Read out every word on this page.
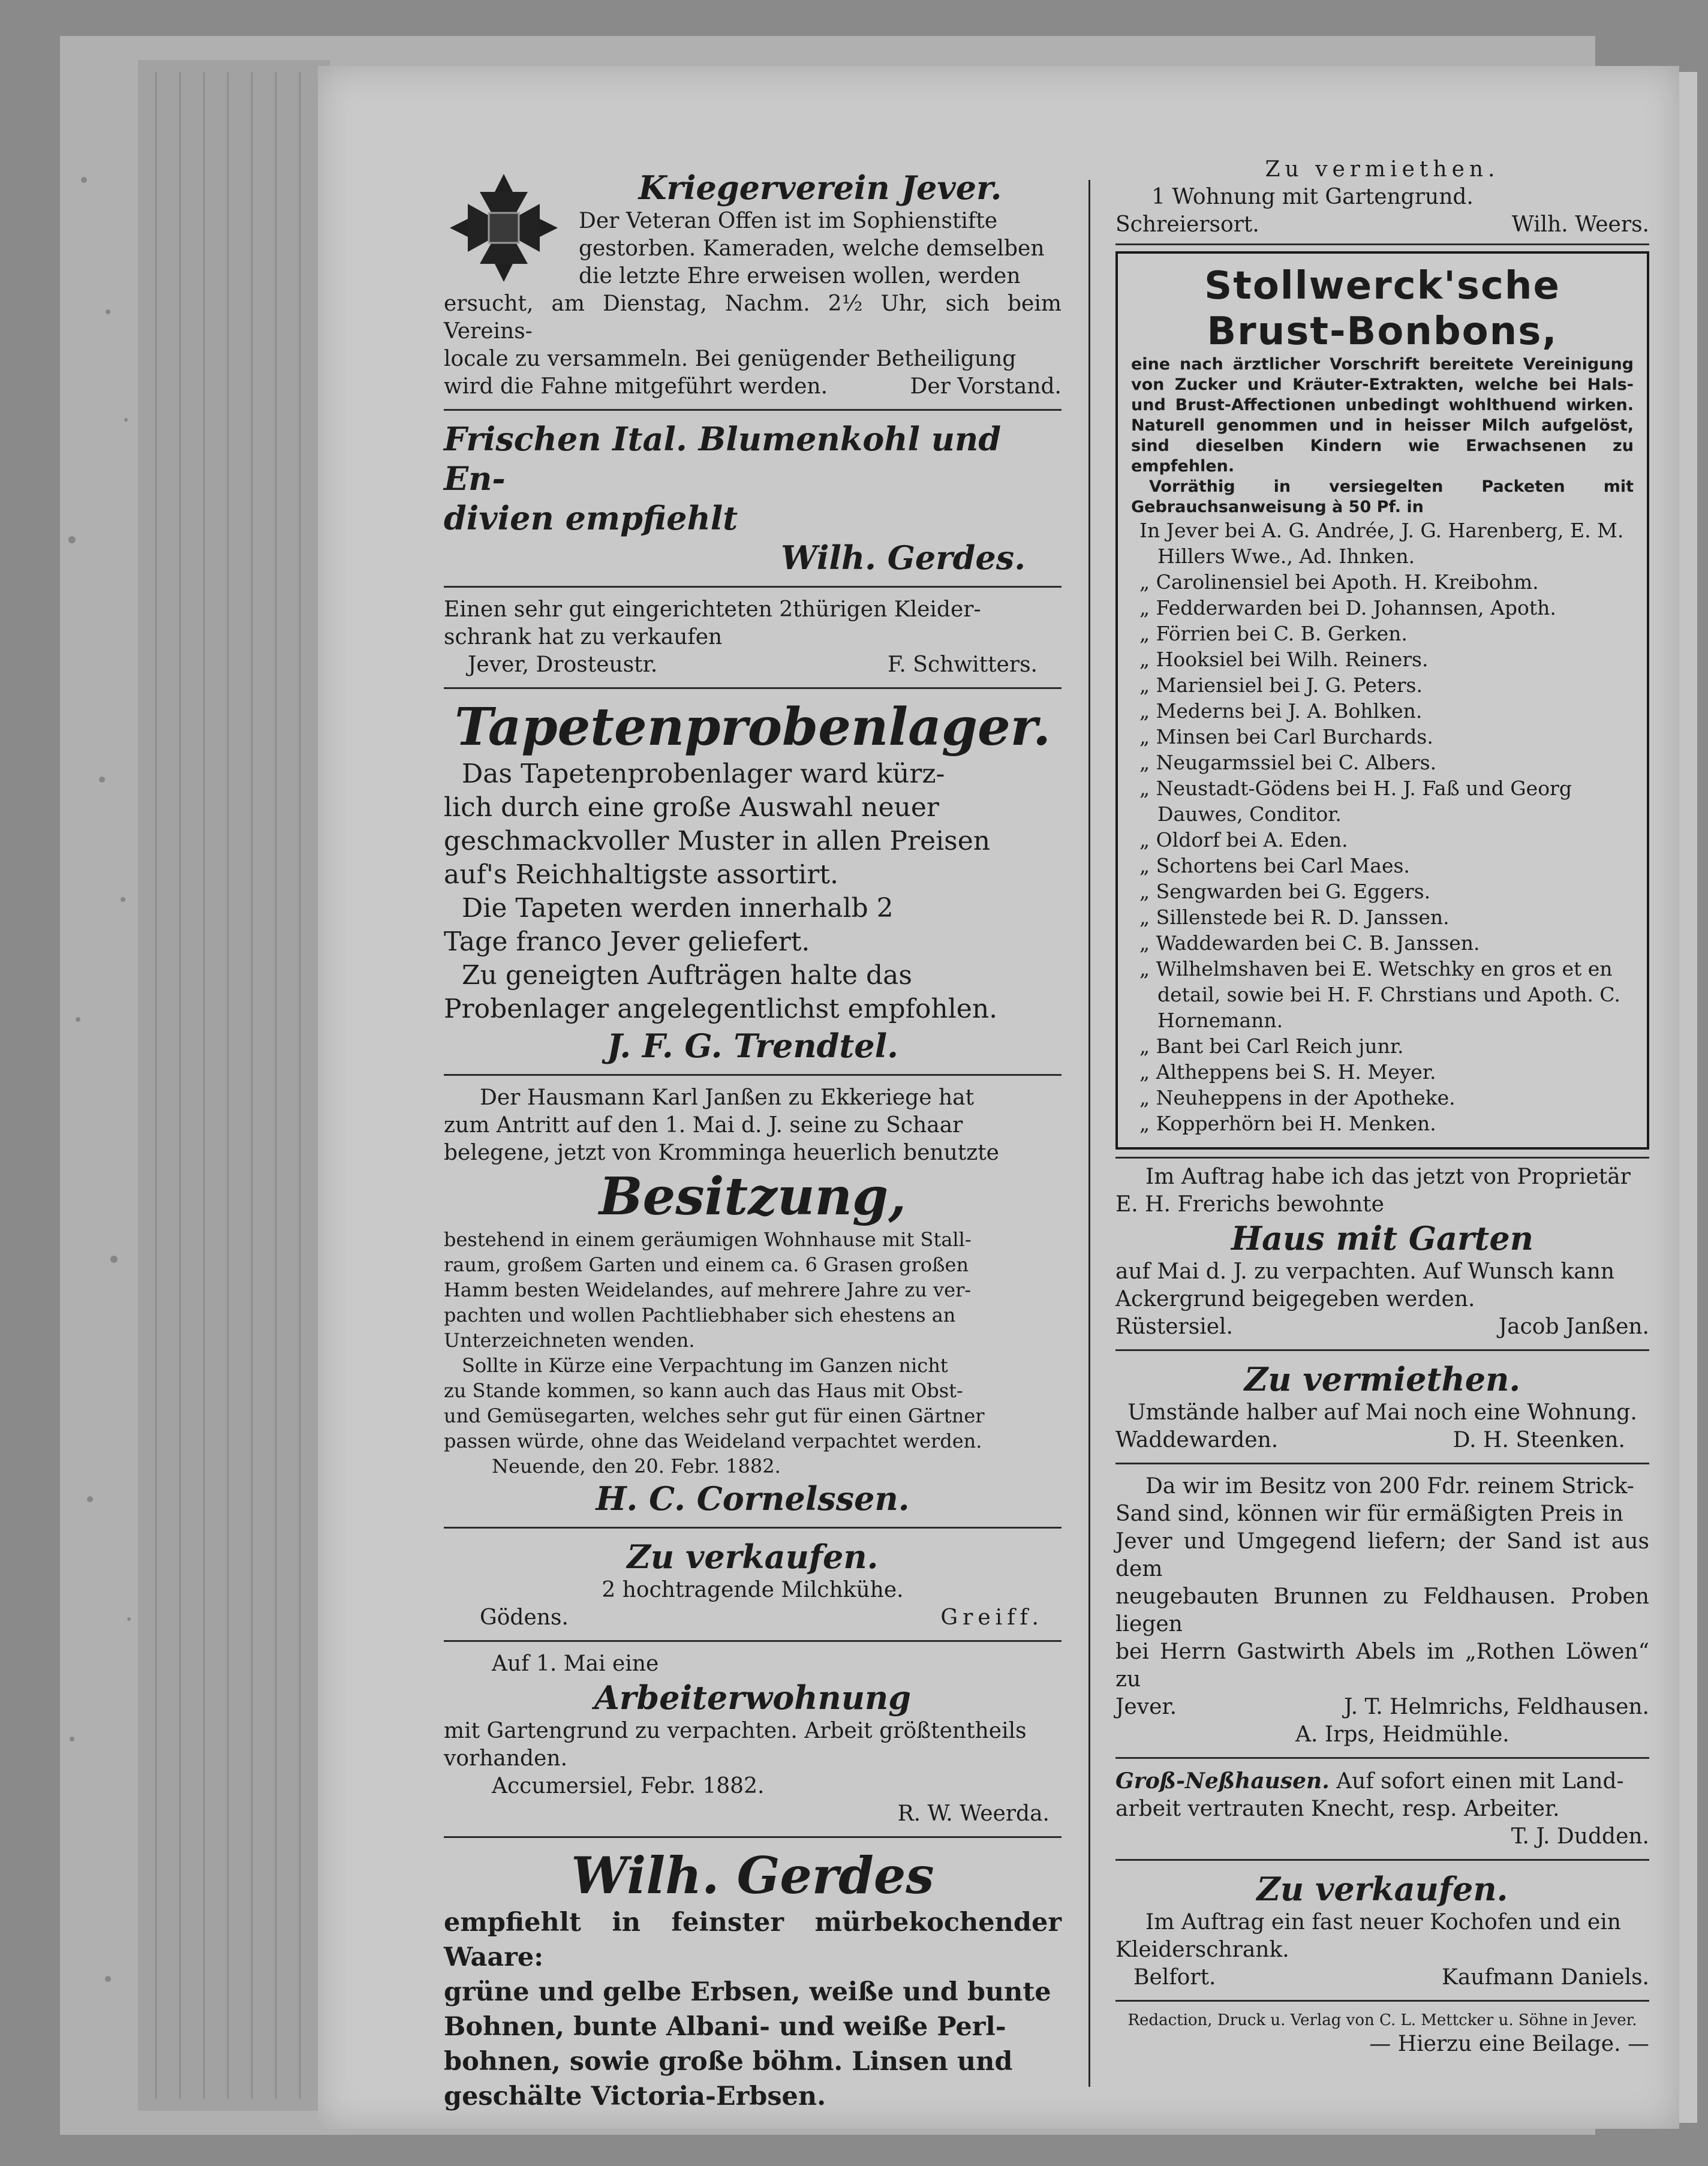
Kriegerverein Jever.
Der Veteran Offen ist im Sophienstifte
gestorben. Kameraden, welche demselben
die letzte Ehre erweisen wollen, werden
ersucht, am Dienstag, Nachm. 2½ Uhr, sich beim Vereins-
locale zu versammeln. Bei genügender Betheiligung
wird die Fahne mitgeführt werden.	Der Vorstand.
Frischen Ital. Blumenkohl und En-
divien empfiehlt
Wilh. Gerdes.
Einen sehr gut eingerichteten 2thürigen Kleider-
schrank hat zu verkaufen
Jever, Drosteustr.	F. Schwitters.
Tapetenprobenlager.
Das Tapetenprobenlager ward kürz-
lich durch eine große Auswahl neuer
geschmackvoller Muster in allen Preisen
auf's Reichhaltigste assortirt.
Die Tapeten werden innerhalb 2
Tage franco Jever geliefert.
Zu geneigten Aufträgen halte das
Probenlager angelegentlichst empfohlen.
J. F. G. Trendtel.
Der Hausmann Karl Janßen zu Ekkeriege hat
zum Antritt auf den 1. Mai d. J. seine zu Schaar
belegene, jetzt von Kromminga heuerlich benutzte
Besitzung,
bestehend in einem geräumigen Wohnhause mit Stall-
raum, großem Garten und einem ca. 6 Grasen großen
Hamm besten Weidelandes, auf mehrere Jahre zu ver-
pachten und wollen Pachtliebhaber sich ehestens an
Unterzeichneten wenden.
Sollte in Kürze eine Verpachtung im Ganzen nicht
zu Stande kommen, so kann auch das Haus mit Obst-
und Gemüsegarten, welches sehr gut für einen Gärtner
passen würde, ohne das Weideland verpachtet werden.
Neuende, den 20. Febr. 1882.
H. C. Cornelssen.
Zu verkaufen.
2 hochtragende Milchkühe.
Gödens.	Greiff.
Auf 1. Mai eine
Arbeiterwohnung
mit Gartengrund zu verpachten. Arbeit größtentheils
vorhanden.
Accumersiel, Febr. 1882.
R. W. Weerda.
Wilh. Gerdes
empfiehlt in feinster mürbekochender Waare:
grüne und gelbe Erbsen, weiße und bunte
Bohnen, bunte Albani- und weiße Perl-
bohnen, sowie große böhm. Linsen und
geschälte Victoria-Erbsen.
Zu vermiethen.
1 Wohnung mit Gartengrund.
Schreiersort.	Wilh. Weers.
Stollwerck'sche
Brust-Bonbons,
eine nach ärztlicher Vorschrift bereitete Vereinigung von Zucker und Kräuter-Extrakten, welche bei Hals- und Brust-Affectionen unbedingt wohlthuend wirken. Naturell genommen und in heisser Milch aufgelöst, sind dieselben Kindern wie Erwachsenen zu empfehlen.
Vorräthig in versiegelten Packeten mit Gebrauchsanweisung à 50 Pf. in
In Jever bei A. G. Andrée, J. G. Harenberg, E. M. Hillers Wwe., Ad. Ihnken.
„ Carolinensiel bei Apoth. H. Kreibohm.
„ Fedderwarden bei D. Johannsen, Apoth.
„ Förrien bei C. B. Gerken.
„ Hooksiel bei Wilh. Reiners.
„ Mariensiel bei J. G. Peters.
„ Mederns bei J. A. Bohlken.
„ Minsen bei Carl Burchards.
„ Neugarmssiel bei C. Albers.
„ Neustadt-Gödens bei H. J. Faß und Georg Dauwes, Conditor.
„ Oldorf bei A. Eden.
„ Schortens bei Carl Maes.
„ Sengwarden bei G. Eggers.
„ Sillenstede bei R. D. Janssen.
„ Waddewarden bei C. B. Janssen.
„ Wilhelmshaven bei E. Wetschky en gros et en detail, sowie bei H. F. Chrstians und Apoth. C. Hornemann.
„ Bant bei Carl Reich junr.
„ Altheppens bei S. H. Meyer.
„ Neuheppens in der Apotheke.
„ Kopperhörn bei H. Menken.
Im Auftrag habe ich das jetzt von Proprietär
E. H. Frerichs bewohnte
Haus mit Garten
auf Mai d. J. zu verpachten. Auf Wunsch kann
Ackergrund beigegeben werden.
Rüstersiel.	Jacob Janßen.
Zu vermiethen.
Umstände halber auf Mai noch eine Wohnung.
Waddewarden.	D. H. Steenken.
Da wir im Besitz von 200 Fdr. reinem Strick-
Sand sind, können wir für ermäßigten Preis in
Jever und Umgegend liefern; der Sand ist aus dem
neugebauten Brunnen zu Feldhausen. Proben liegen
bei Herrn Gastwirth Abels im „Rothen Löwen“ zu
Jever.	J. T. Helmrichs, Feldhausen.
A. Irps, Heidmühle.
Groß-Neßhausen. Auf sofort einen mit Land-
arbeit vertrauten Knecht, resp. Arbeiter.
T. J. Dudden.
Zu verkaufen.
Im Auftrag ein fast neuer Kochofen und ein
Kleiderschrank.
Belfort.	Kaufmann Daniels.
Redaction, Druck u. Verlag von C. L. Mettcker u. Söhne in Jever.
— Hierzu eine Beilage. —
